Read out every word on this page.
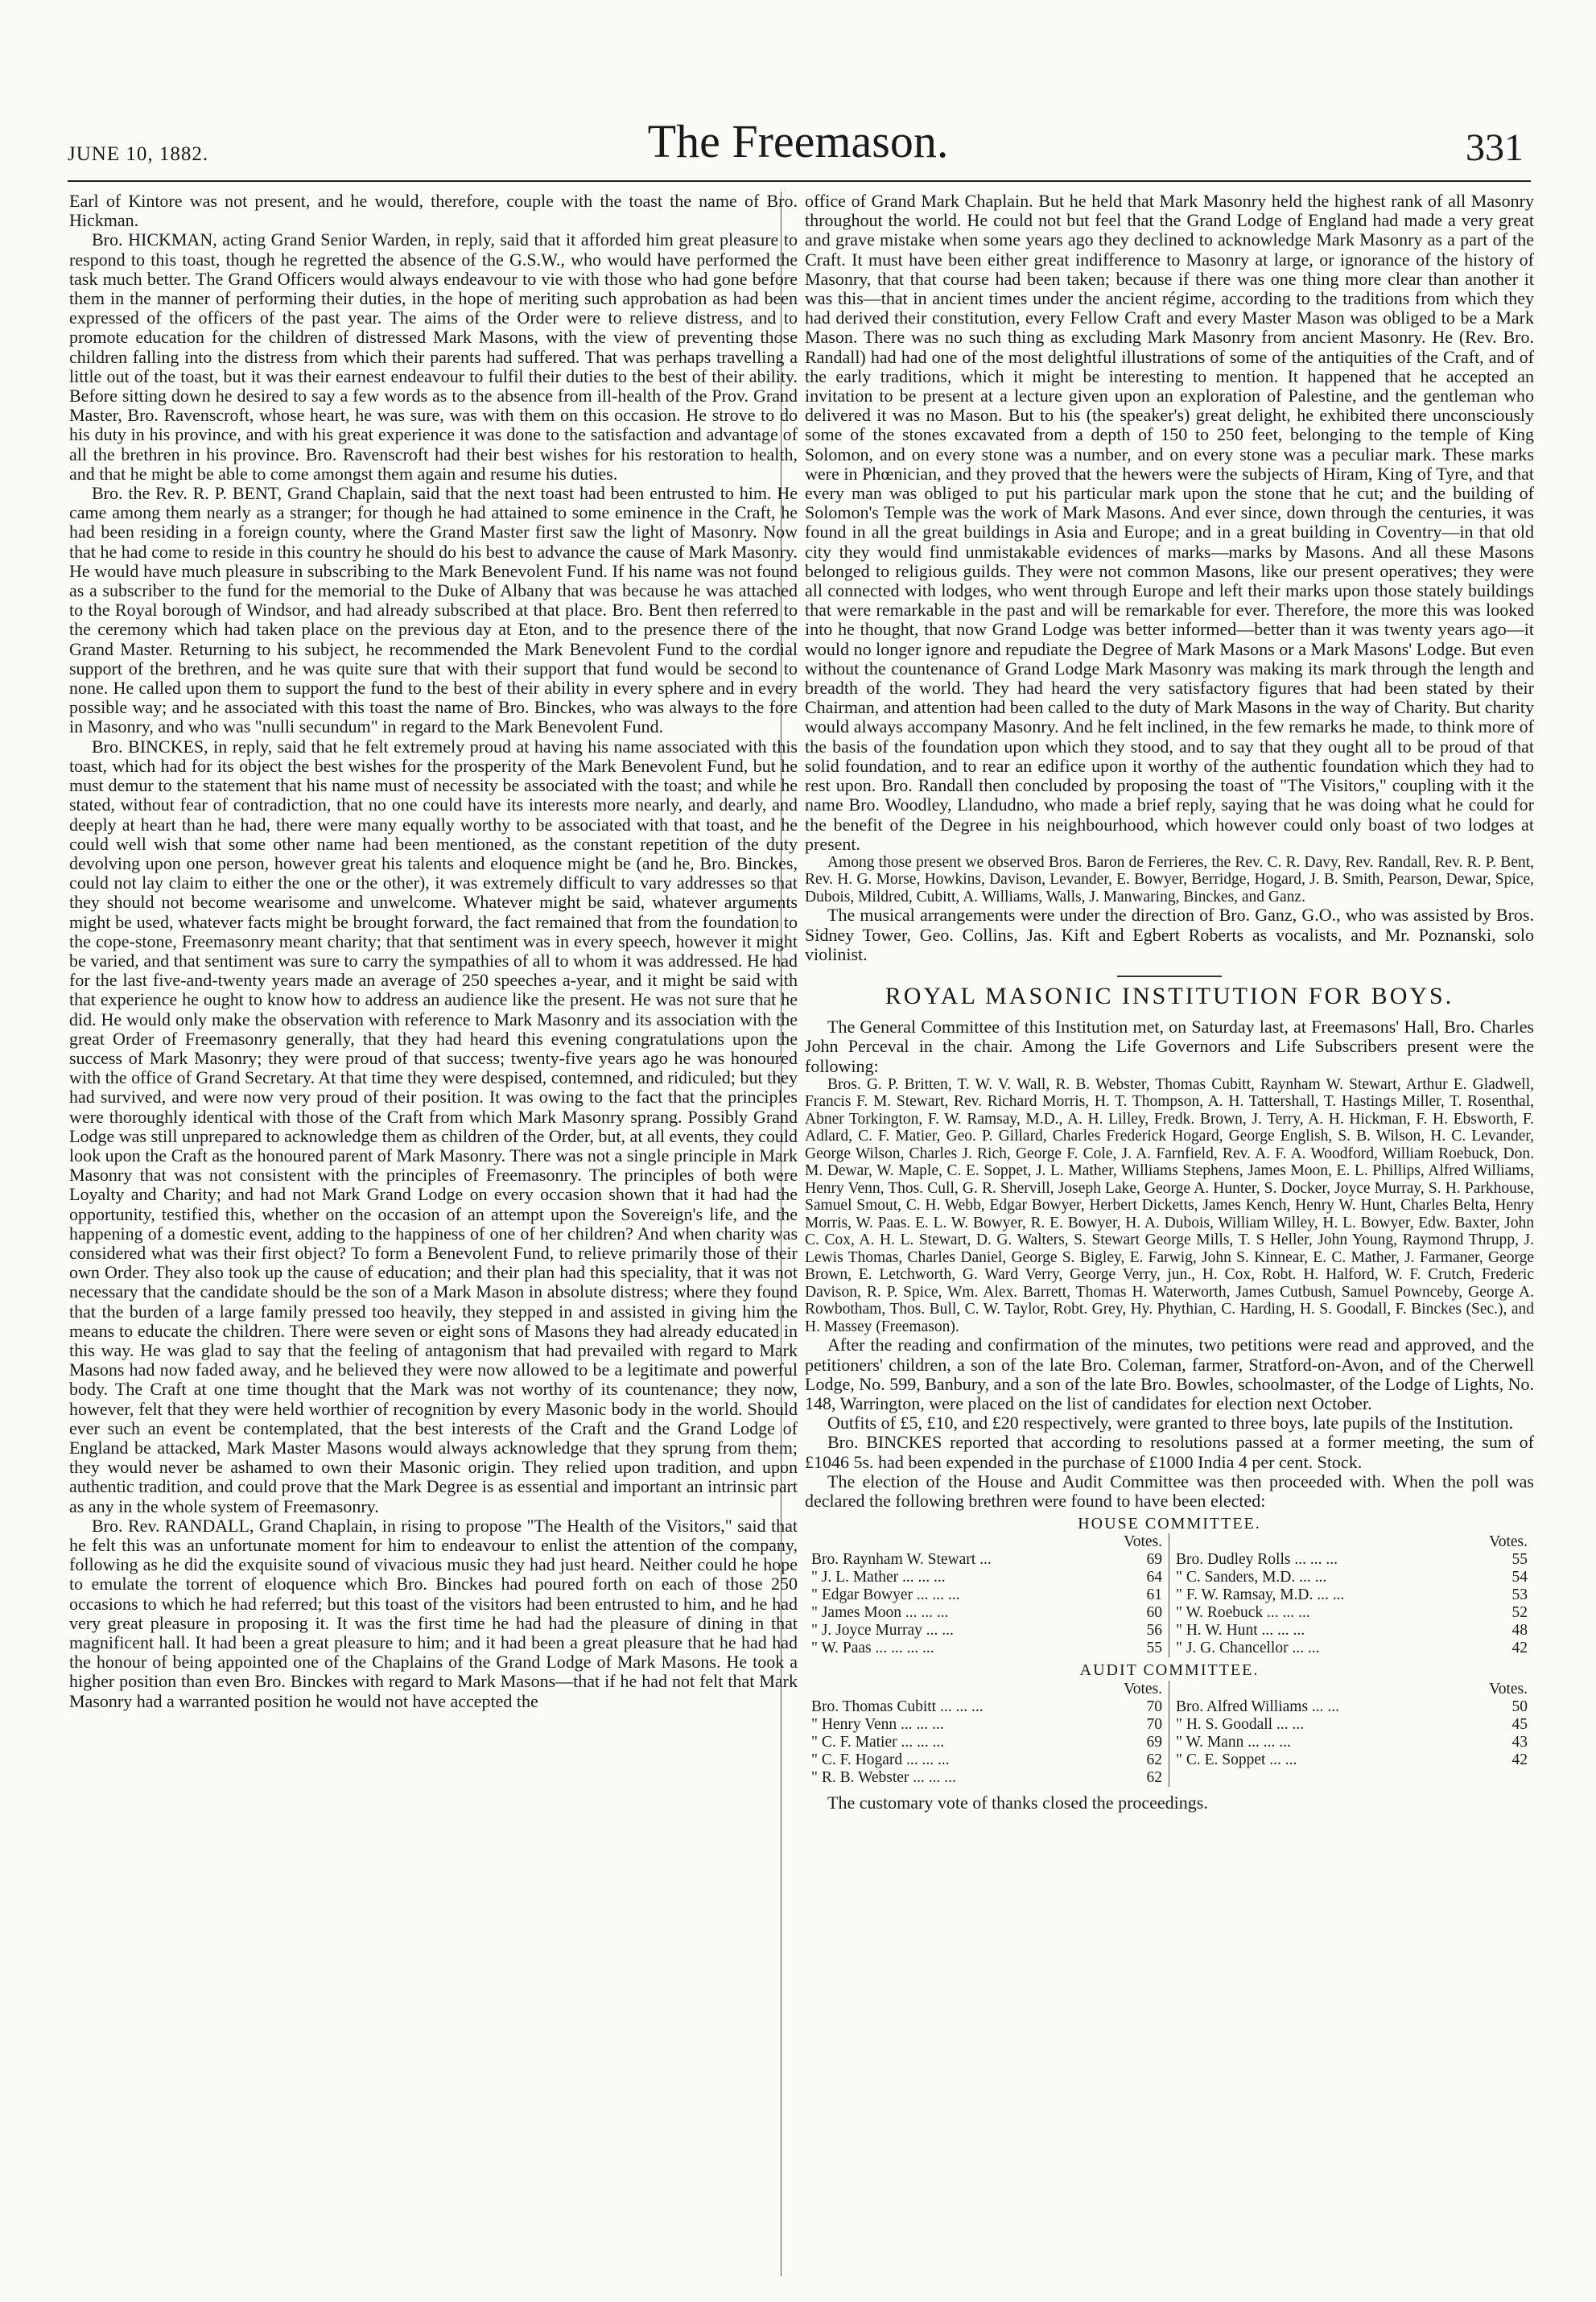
JUNE 10, 1882.	The Freemason.	331

Earl of Kintore was not present, and he would, therefore, couple with the toast the name of Bro. Hickman.

Bro. HICKMAN, acting Grand Senior Warden, in reply, said that it afforded him great pleasure to respond to this toast, though he regretted the absence of the G.S.W., who would have performed the task much better. The Grand Officers would always endeavour to vie with those who had gone before them in the manner of performing their duties, in the hope of meriting such approbation as had been expressed of the officers of the past year. The aims of the Order were to relieve distress, and to promote education for the children of distressed Mark Masons, with the view of preventing those children falling into the distress from which their parents had suffered. That was perhaps travelling a little out of the toast, but it was their earnest endeavour to fulfil their duties to the best of their ability. Before sitting down he desired to say a few words as to the absence from ill-health of the Prov. Grand Master, Bro. Ravenscroft, whose heart, he was sure, was with them on this occasion. He strove to do his duty in his province, and with his great experience it was done to the satisfaction and advantage of all the brethren in his province. Bro. Ravenscroft had their best wishes for his restoration to health, and that he might be able to come amongst them again and resume his duties.

Bro. the Rev. R. P. BENT, Grand Chaplain, said that the next toast had been entrusted to him. He came among them nearly as a stranger; for though he had attained to some eminence in the Craft, he had been residing in a foreign county, where the Grand Master first saw the light of Masonry. Now that he had come to reside in this country he should do his best to advance the cause of Mark Masonry. He would have much pleasure in subscribing to the Mark Benevolent Fund. If his name was not found as a subscriber to the fund for the memorial to the Duke of Albany that was because he was attached to the Royal borough of Windsor, and had already subscribed at that place. Bro. Bent then referred to the ceremony which had taken place on the previous day at Eton, and to the presence there of the Grand Master. Returning to his subject, he recommended the Mark Benevolent Fund to the cordial support of the brethren, and he was quite sure that with their support that fund would be second to none. He called upon them to support the fund to the best of their ability in every sphere and in every possible way; and he associated with this toast the name of Bro. Binckes, who was always to the fore in Masonry, and who was "nulli secundum" in regard to the Mark Benevolent Fund.

Bro. BINCKES, in reply, said that he felt extremely proud at having his name associated with this toast, which had for its object the best wishes for the prosperity of the Mark Benevolent Fund, but he must demur to the statement that his name must of necessity be associated with the toast; and while he stated, without fear of contradiction, that no one could have its interests more nearly, and dearly, and deeply at heart than he had, there were many equally worthy to be associated with that toast, and he could well wish that some other name had been mentioned, as the constant repetition of the duty devolving upon one person, however great his talents and eloquence might be (and he, Bro. Binckes, could not lay claim to either the one or the other), it was extremely difficult to vary addresses so that they should not become wearisome and unwelcome. Whatever might be said, whatever arguments might be used, whatever facts might be brought forward, the fact remained that from the foundation to the cope-stone, Freemasonry meant charity; that that sentiment was in every speech, however it might be varied, and that sentiment was sure to carry the sympathies of all to whom it was addressed. He had for the last five-and-twenty years made an average of 250 speeches a-year, and it might be said with that experience he ought to know how to address an audience like the present. He was not sure that he did. He would only make the observation with reference to Mark Masonry and its association with the great Order of Freemasonry generally, that they had heard this evening congratulations upon the success of Mark Masonry; they were proud of that success; twenty-five years ago he was honoured with the office of Grand Secretary. At that time they were despised, contemned, and ridiculed; but they had survived, and were now very proud of their position. It was owing to the fact that the principles were thoroughly identical with those of the Craft from which Mark Masonry sprang. Possibly Grand Lodge was still unprepared to acknowledge them as children of the Order, but, at all events, they could look upon the Craft as the honoured parent of Mark Masonry. There was not a single principle in Mark Masonry that was not consistent with the principles of Freemasonry. The principles of both were Loyalty and Charity; and had not Mark Grand Lodge on every occasion shown that it had had the opportunity, testified this, whether on the occasion of an attempt upon the Sovereign's life, and the happening of a domestic event, adding to the happiness of one of her children? And when charity was considered what was their first object? To form a Benevolent Fund, to relieve primarily those of their own Order. They also took up the cause of education; and their plan had this speciality, that it was not necessary that the candidate should be the son of a Mark Mason in absolute distress; where they found that the burden of a large family pressed too heavily, they stepped in and assisted in giving him the means to educate the children. There were seven or eight sons of Masons they had already educated in this way. He was glad to say that the feeling of antagonism that had prevailed with regard to Mark Masons had now faded away, and he believed they were now allowed to be a legitimate and powerful body. The Craft at one time thought that the Mark was not worthy of its countenance; they now, however, felt that they were held worthier of recognition by every Masonic body in the world. Should ever such an event be contemplated, that the best interests of the Craft and the Grand Lodge of England be attacked, Mark Master Masons would always acknowledge that they sprung from them; they would never be ashamed to own their Masonic origin. They relied upon tradition, and upon authentic tradition, and could prove that the Mark Degree is as essential and important an intrinsic part as any in the whole system of Freemasonry.

Bro. Rev. RANDALL, Grand Chaplain, in rising to propose "The Health of the Visitors," said that he felt this was an unfortunate moment for him to endeavour to enlist the attention of the company, following as he did the exquisite sound of vivacious music they had just heard. Neither could he hope to emulate the torrent of eloquence which Bro. Binckes had poured forth on each of those 250 occasions to which he had referred; but this toast of the visitors had been entrusted to him, and he had very great pleasure in proposing it. It was the first time he had had the pleasure of dining in that magnificent hall. It had been a great pleasure to him; and it had been a great pleasure that he had had the honour of being appointed one of the Chaplains of the Grand Lodge of Mark Masons. He took a higher position than even Bro. Binckes with regard to Mark Masons—that if he had not felt that Mark Masonry had a warranted position he would not have accepted the

office of Grand Mark Chaplain. But he held that Mark Masonry held the highest rank of all Masonry throughout the world. He could not but feel that the Grand Lodge of England had made a very great and grave mistake when some years ago they declined to acknowledge Mark Masonry as a part of the Craft. It must have been either great indifference to Masonry at large, or ignorance of the history of Masonry, that that course had been taken; because if there was one thing more clear than another it was this—that in ancient times under the ancient régime, according to the traditions from which they had derived their constitution, every Fellow Craft and every Master Mason was obliged to be a Mark Mason. There was no such thing as excluding Mark Masonry from ancient Masonry. He (Rev. Bro. Randall) had had one of the most delightful illustrations of some of the antiquities of the Craft, and of the early traditions, which it might be interesting to mention. It happened that he accepted an invitation to be present at a lecture given upon an exploration of Palestine, and the gentleman who delivered it was no Mason. But to his (the speaker's) great delight, he exhibited there unconsciously some of the stones excavated from a depth of 150 to 250 feet, belonging to the temple of King Solomon, and on every stone was a number, and on every stone was a peculiar mark. These marks were in Phœnician, and they proved that the hewers were the subjects of Hiram, King of Tyre, and that every man was obliged to put his particular mark upon the stone that he cut; and the building of Solomon's Temple was the work of Mark Masons. And ever since, down through the centuries, it was found in all the great buildings in Asia and Europe; and in a great building in Coventry—in that old city they would find unmistakable evidences of marks—marks by Masons. And all these Masons belonged to religious guilds. They were not common Masons, like our present operatives; they were all connected with lodges, who went through Europe and left their marks upon those stately buildings that were remarkable in the past and will be remarkable for ever. Therefore, the more this was looked into he thought, that now Grand Lodge was better informed—better than it was twenty years ago—it would no longer ignore and repudiate the Degree of Mark Masons or a Mark Masons' Lodge. But even without the countenance of Grand Lodge Mark Masonry was making its mark through the length and breadth of the world. They had heard the very satisfactory figures that had been stated by their Chairman, and attention had been called to the duty of Mark Masons in the way of Charity. But charity would always accompany Masonry. And he felt inclined, in the few remarks he made, to think more of the basis of the foundation upon which they stood, and to say that they ought all to be proud of that solid foundation, and to rear an edifice upon it worthy of the authentic foundation which they had to rest upon. Bro. Randall then concluded by proposing the toast of "The Visitors," coupling with it the name Bro. Woodley, Llandudno, who made a brief reply, saying that he was doing what he could for the benefit of the Degree in his neighbourhood, which however could only boast of two lodges at present.

Among those present we observed Bros. Baron de Ferrieres, the Rev. C. R. Davy, Rev. Randall, Rev. R. P. Bent, Rev. H. G. Morse, Howkins, Davison, Levander, E. Bowyer, Berridge, Hogard, J. B. Smith, Pearson, Dewar, Spice, Dubois, Mildred, Cubitt, A. Williams, Walls, J. Manwaring, Binckes, and Ganz.

The musical arrangements were under the direction of Bro. Ganz, G.O., who was assisted by Bros. Sidney Tower, Geo. Collins, Jas. Kift and Egbert Roberts as vocalists, and Mr. Poznanski, solo violinist.

ROYAL MASONIC INSTITUTION FOR BOYS.

The General Committee of this Institution met, on Saturday last, at Freemasons' Hall, Bro. Charles John Perceval in the chair. Among the Life Governors and Life Subscribers present were the following:

Bros. G. P. Britten, T. W. V. Wall, R. B. Webster, Thomas Cubitt, Raynham W. Stewart, Arthur E. Gladwell, Francis F. M. Stewart, Rev. Richard Morris, H. T. Thompson, A. H. Tattershall, T. Hastings Miller, T. Rosenthal, Abner Torkington, F. W. Ramsay, M.D., A. H. Lilley, Fredk. Brown, J. Terry, A. H. Hickman, F. H. Ebsworth, F. Adlard, C. F. Matier, Geo. P. Gillard, Charles Frederick Hogard, George English, S. B. Wilson, H. C. Levander, George Wilson, Charles J. Rich, George F. Cole, J. A. Farnfield, Rev. A. F. A. Woodford, William Roebuck, Don. M. Dewar, W. Maple, C. E. Soppet, J. L. Mather, Williams Stephens, James Moon, E. L. Phillips, Alfred Williams, Henry Venn, Thos. Cull, G. R. Shervill, Joseph Lake, George A. Hunter, S. Docker, Joyce Murray, S. H. Parkhouse, Samuel Smout, C. H. Webb, Edgar Bowyer, Herbert Dicketts, James Kench, Henry W. Hunt, Charles Belta, Henry Morris, W. Paas. E. L. W. Bowyer, R. E. Bowyer, H. A. Dubois, William Willey, H. L. Bowyer, Edw. Baxter, John C. Cox, A. H. L. Stewart, D. G. Walters, S. Stewart George Mills, T. S Heller, John Young, Raymond Thrupp, J. Lewis Thomas, Charles Daniel, George S. Bigley, E. Farwig, John S. Kinnear, E. C. Mather, J. Farmaner, George Brown, E. Letchworth, G. Ward Verry, George Verry, jun., H. Cox, Robt. H. Halford, W. F. Crutch, Frederic Davison, R. P. Spice, Wm. Alex. Barrett, Thomas H. Waterworth, James Cutbush, Samuel Pownceby, George A. Rowbotham, Thos. Bull, C. W. Taylor, Robt. Grey, Hy. Phythian, C. Harding, H. S. Goodall, F. Binckes (Sec.), and H. Massey (Freemason).

After the reading and confirmation of the minutes, two petitions were read and approved, and the petitioners' children, a son of the late Bro. Coleman, farmer, Stratford-on-Avon, and of the Cherwell Lodge, No. 599, Banbury, and a son of the late Bro. Bowles, schoolmaster, of the Lodge of Lights, No. 148, Warrington, were placed on the list of candidates for election next October.

Outfits of £5, £10, and £20 respectively, were granted to three boys, late pupils of the Institution.

Bro. BINCKES reported that according to resolutions passed at a former meeting, the sum of £1046 5s. had been expended in the purchase of £1000 India 4 per cent. Stock.

The election of the House and Audit Committee was then proceeded with. When the poll was declared the following brethren were found to have been elected:

HOUSE COMMITTEE.
Votes.
Bro. Raynham W. Stewart ...	69
" J. L. Mather ... ... ...	64
" Edgar Bowyer ... ... ...	61
" James Moon ... ... ...	60
" J. Joyce Murray ... ...	56
" W. Paas ... ... ... ...	55
Votes.
Bro. Dudley Rolls ... ... ...	55
" C. Sanders, M.D. ... ...	54
" F. W. Ramsay, M.D. ... ...	53
" W. Roebuck ... ... ...	52
" H. W. Hunt ... ... ...	48
" J. G. Chancellor ... ...	42
AUDIT COMMITTEE.
Votes.
Bro. Thomas Cubitt ... ... ...	70
" Henry Venn ... ... ...	70
" C. F. Matier ... ... ...	69
" C. F. Hogard ... ... ...	62
" R. B. Webster ... ... ...	62
Votes.
Bro. Alfred Williams ... ...	50
" H. S. Goodall ... ...	45
" W. Mann ... ... ...	43
" C. E. Soppet ... ...	42

The customary vote of thanks closed the proceedings.
